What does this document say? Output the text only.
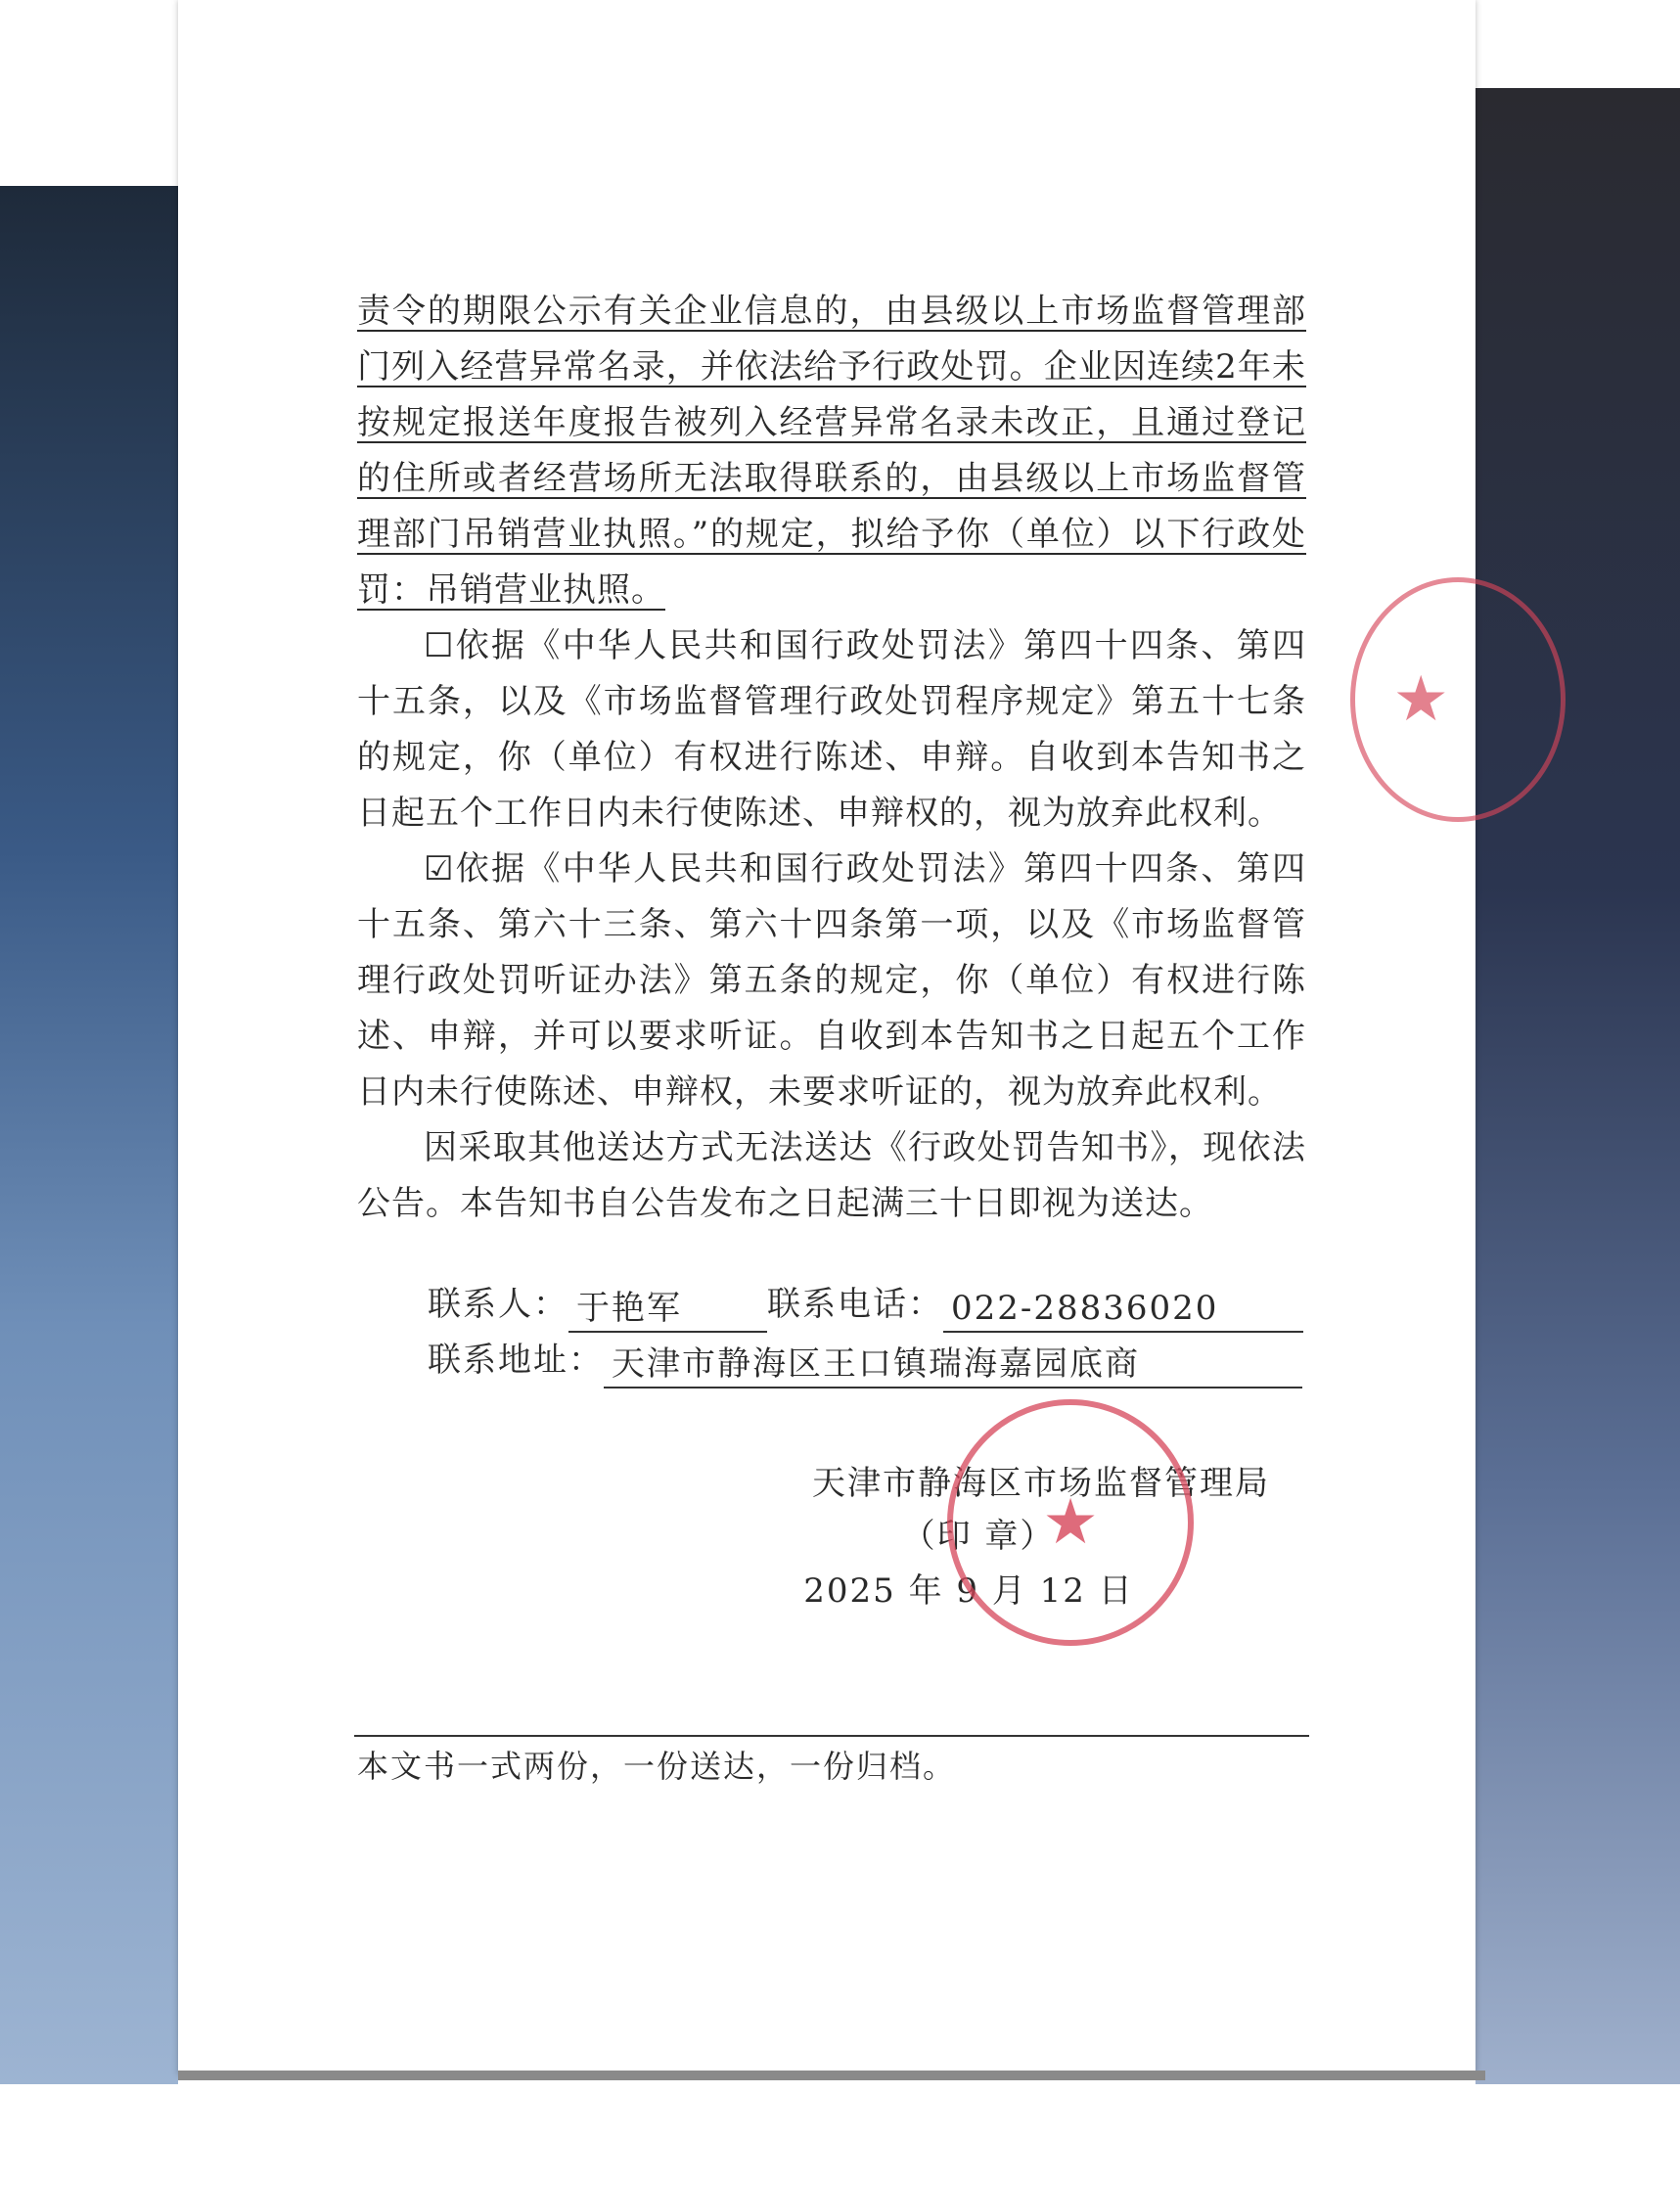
责令的期限公示有关企业信息的，由县级以上市场监督管理部门列入经营异常名录，并依法给予行政处罚。企业因连续2年未按规定报送年度报告被列入经营异常名录未改正，且通过登记的住所或者经营场所无法取得联系的，由县级以上市场监督管理部门吊销营业执照。”的规定，拟给予你（单位）以下行政处罚：吊销营业执照。

☐依据《中华人民共和国行政处罚法》第四十四条、第四十五条，以及《市场监督管理行政处罚程序规定》第五十七条的规定，你（单位）有权进行陈述、申辩。自收到本告知书之日起五个工作日内未行使陈述、申辩权的，视为放弃此权利。

☑依据《中华人民共和国行政处罚法》第四十四条、第四十五条、第六十三条、第六十四条第一项，以及《市场监督管理行政处罚听证办法》第五条的规定，你（单位）有权进行陈述、申辩，并可以要求听证。自收到本告知书之日起五个工作日内未行使陈述、申辩权，未要求听证的，视为放弃此权利。

因采取其他送达方式无法送达《行政处罚告知书》，现依法公告。本告知书自公告发布之日起满三十日即视为送达。

联系人： 于艳军	联系电话： 022-28836020
联系地址： 天津市静海区王口镇瑞海嘉园底商
天津市静海区市场监督管理局
（印 章）
2025 年 9 月 12 日
本文书一式两份，一份送达，一份归档。
★
★
